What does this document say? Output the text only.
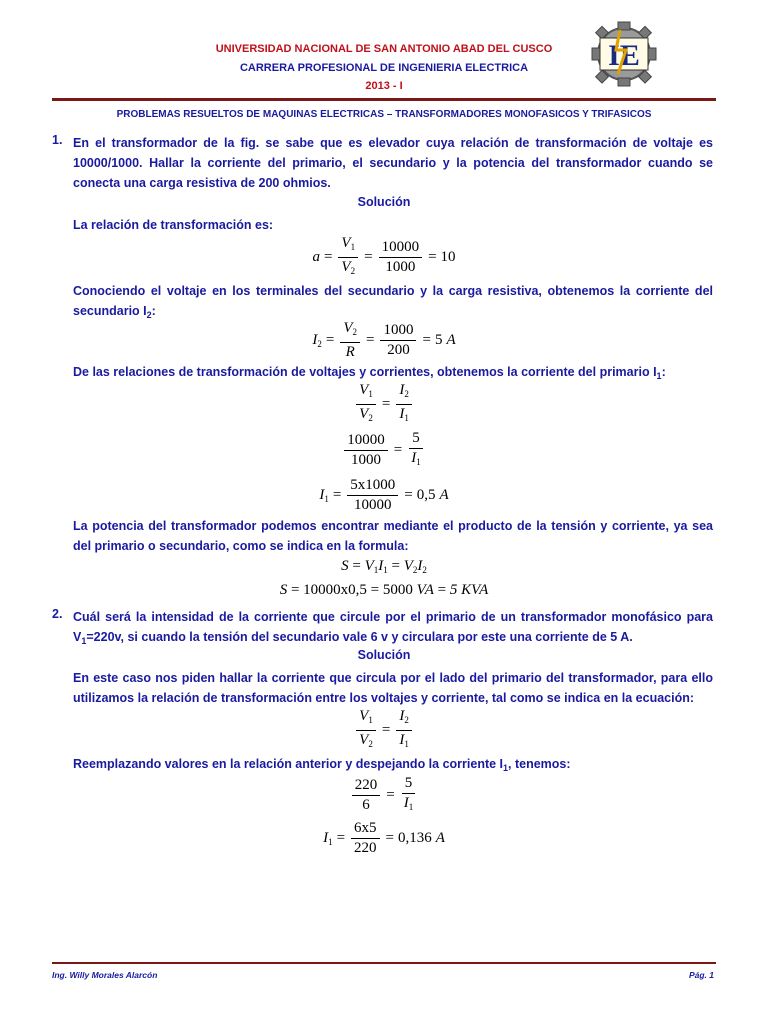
UNIVERSIDAD NACIONAL DE SAN ANTONIO ABAD DEL CUSCO
CARRERA PROFESIONAL DE INGENIERIA ELECTRICA
2013 - I
IE
PROBLEMAS RESUELTOS DE MAQUINAS ELECTRICAS – TRANSFORMADORES MONOFASICOS Y TRIFASICOS
1. En el transformador de la fig. se sabe que es elevador cuya relación de transformación de voltaje es 10000/1000. Hallar la corriente del primario, el secundario y la potencia del transformador cuando se conecta una carga resistiva de 200 ohmios.
Solución
La relación de transformación es:
$a = \frac{V_1}{V_2} = \frac{10000}{1000} = 10$
Conociendo el voltaje en los terminales del secundario y la carga resistiva, obtenemos la corriente del secundario $I_2$:
$I_2 = \frac{V_2}{R} = \frac{1000}{200} = 5$ A
De las relaciones de transformación de voltajes y corrientes, obtenemos la corriente del primario $I_1$:
$\frac{V_1}{V_2} = \frac{I_2}{I_1}$
$\frac{10000}{1000} = \frac{5}{I_1}$
$I_1 = \frac{5x1000}{10000} = 0,5$ A
La potencia del transformador podemos encontrar mediante el producto de la tensión y corriente, ya sea del primario o secundario, como se indica en la formula:
$S = V_1I_1 = V_2I_2$
S = 10000x0,5 = 5000 VA = 5 KVA
2. Cuál será la intensidad de la corriente que circule por el primario de un transformador monofásico para $V_1=220v$, si cuando la tensión del secundario vale 6 v y circulara por este una corriente de 5 A.
Solución
En este caso nos piden hallar la corriente que circula por el lado del primario del transformador, para ello utilizamos la relación de transformación entre los voltajes y corriente, tal como se indica en la ecuación:
$\frac{V_1}{V_2} = \frac{I_2}{I_1}$
Reemplazando valores en la relación anterior y despejando la corriente $I_1$, tenemos:
$\frac{220}{6} = \frac{5}{I_1}$
$I_1 = \frac{6x5}{220} = 0,136$ A
Ing. Willy Morales Alarcón	Pág. 1
